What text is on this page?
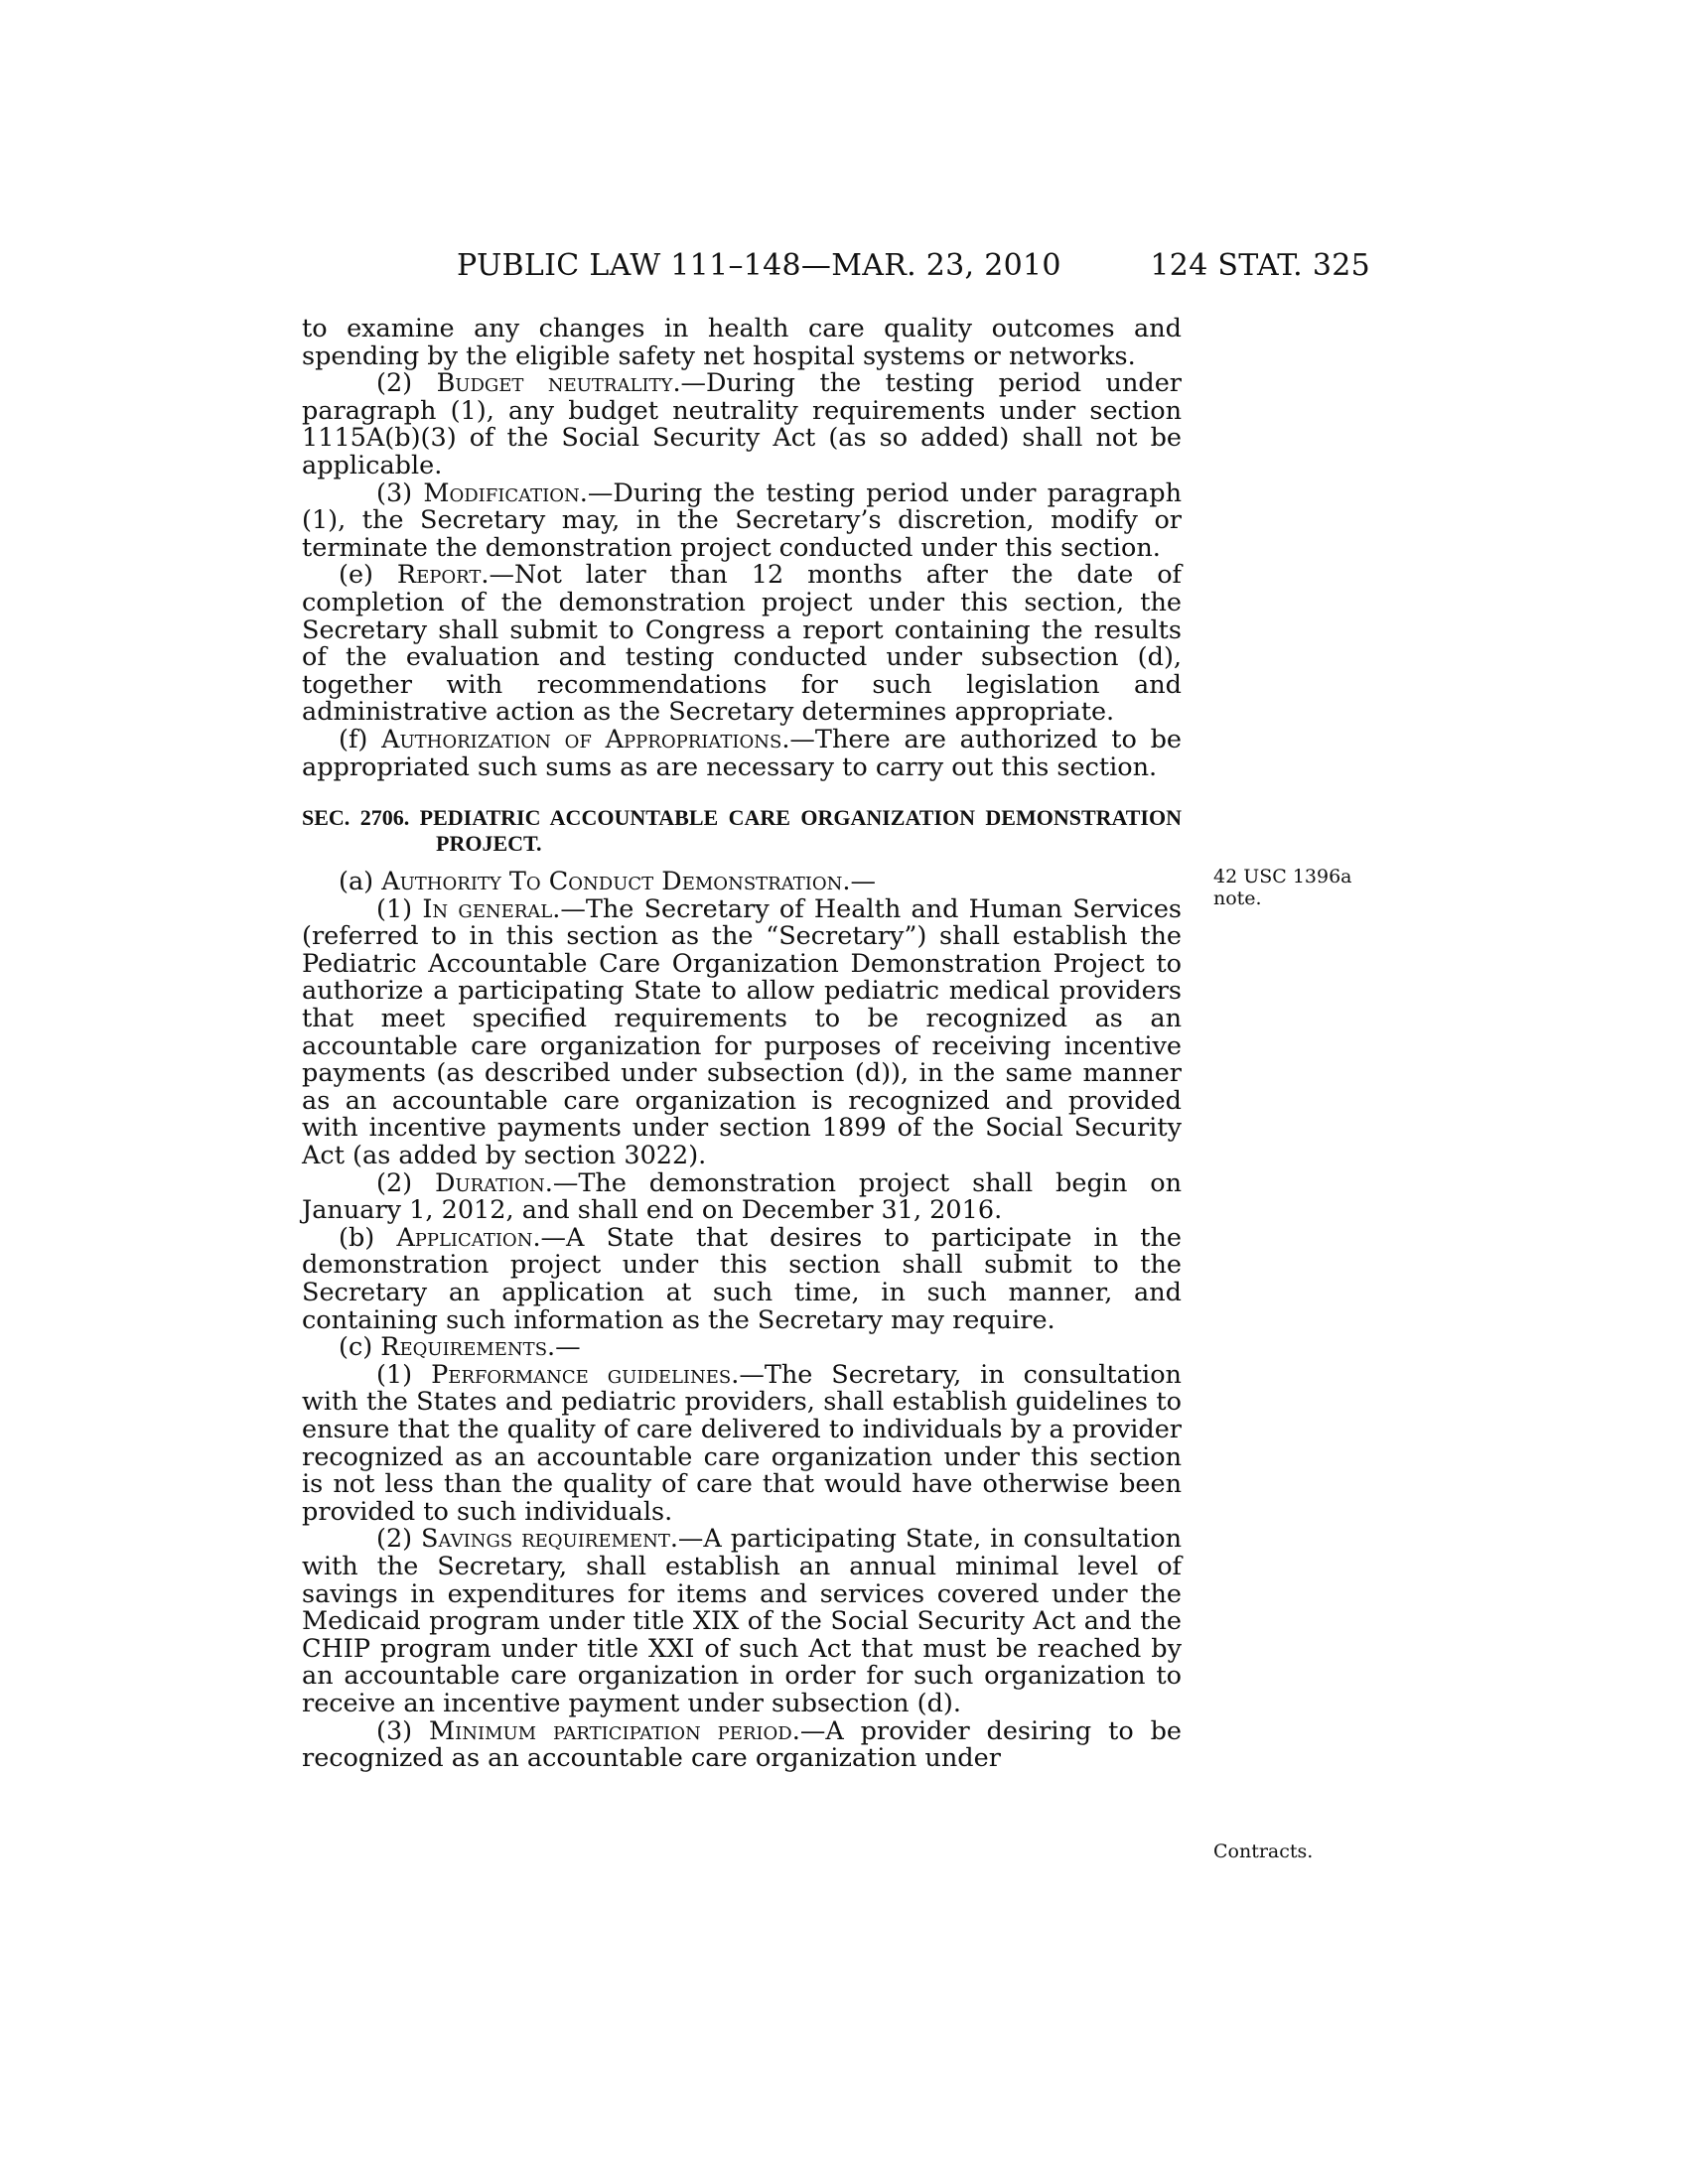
PUBLIC LAW 111–148—MAR. 23, 2010	124 STAT. 325

to examine any changes in health care quality outcomes and spending by the eligible safety net hospital systems or networks.

(2) Budget neutrality.—During the testing period under paragraph (1), any budget neutrality requirements under section 1115A(b)(3) of the Social Security Act (as so added) shall not be applicable.

(3) Modification.—During the testing period under paragraph (1), the Secretary may, in the Secretary’s discretion, modify or terminate the demonstration project conducted under this section.

(e) Report.—Not later than 12 months after the date of completion of the demonstration project under this section, the Secretary shall submit to Congress a report containing the results of the evaluation and testing conducted under subsection (d), together with recommendations for such legislation and administrative action as the Secretary determines appropriate.

(f) Authorization of Appropriations.—There are authorized to be appropriated such sums as are necessary to carry out this section.

SEC. 2706. PEDIATRIC ACCOUNTABLE CARE ORGANIZATION DEMONSTRATION PROJECT.

(a) Authority To Conduct Demonstration.—

(1) In general.—The Secretary of Health and Human Services (referred to in this section as the “Secretary”) shall establish the Pediatric Accountable Care Organization Demonstration Project to authorize a participating State to allow pediatric medical providers that meet specified requirements to be recognized as an accountable care organization for purposes of receiving incentive payments (as described under subsection (d)), in the same manner as an accountable care organization is recognized and provided with incentive payments under section 1899 of the Social Security Act (as added by section 3022).

(2) Duration.—The demonstration project shall begin on January 1, 2012, and shall end on December 31, 2016.

(b) Application.—A State that desires to participate in the demonstration project under this section shall submit to the Secretary an application at such time, in such manner, and containing such information as the Secretary may require.

(c) Requirements.—

(1) Performance guidelines.—The Secretary, in consultation with the States and pediatric providers, shall establish guidelines to ensure that the quality of care delivered to individuals by a provider recognized as an accountable care organization under this section is not less than the quality of care that would have otherwise been provided to such individuals.

(2) Savings requirement.—A participating State, in consultation with the Secretary, shall establish an annual minimal level of savings in expenditures for items and services covered under the Medicaid program under title XIX of the Social Security Act and the CHIP program under title XXI of such Act that must be reached by an accountable care organization in order for such organization to receive an incentive payment under subsection (d).

(3) Minimum participation period.—A provider desiring to be recognized as an accountable care organization under

42 USC 1396a note.
Contracts.
